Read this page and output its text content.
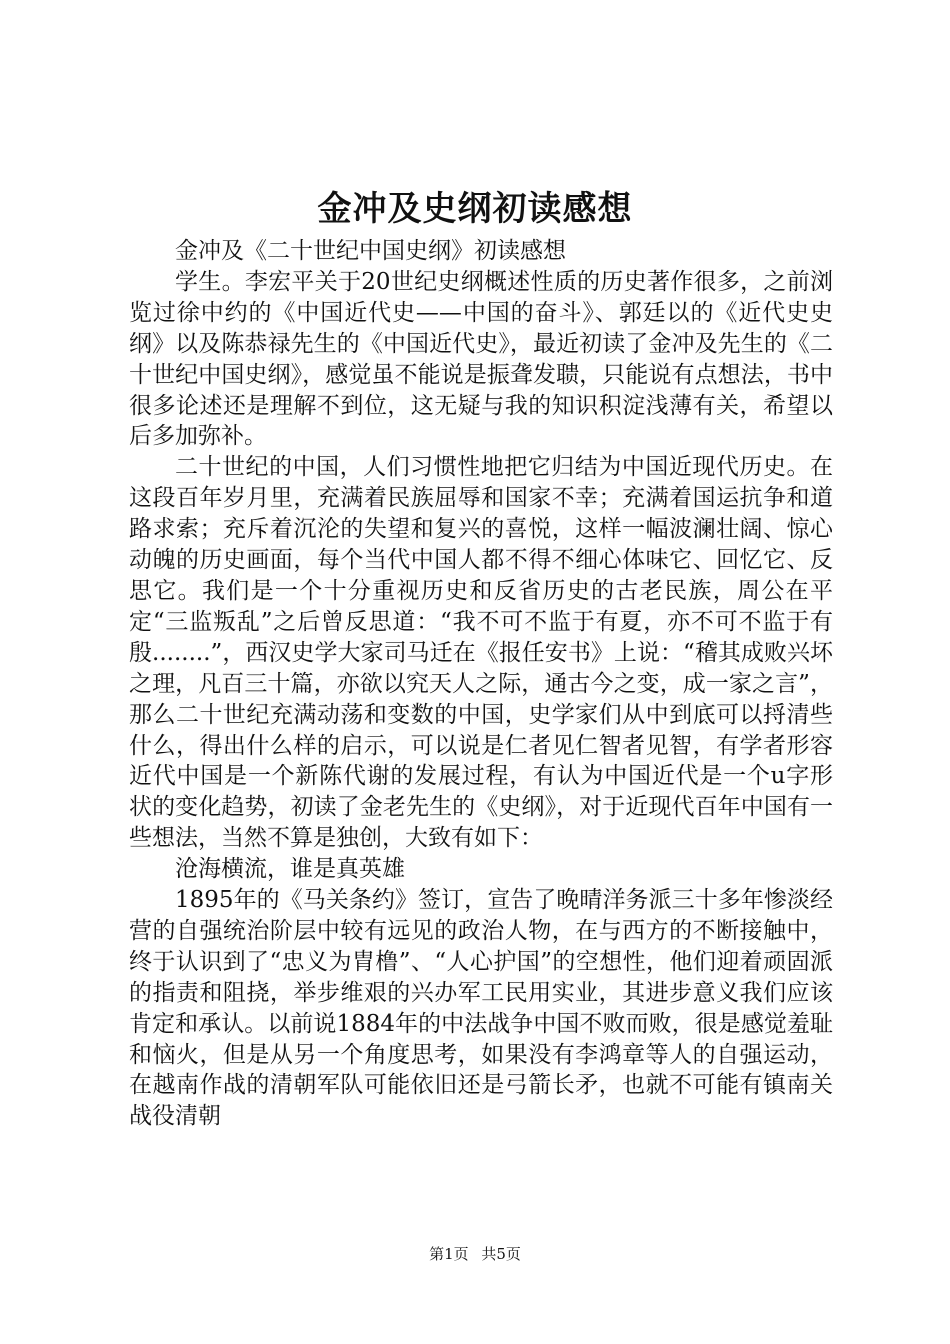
金冲及史纲初读感想

金冲及《二十世纪中国史纲》初读感想

学生。李宏平关于20世纪史纲概述性质的历史著作很多，之前浏览过徐中约的《中国近代史——中国的奋斗》、郭廷以的《近代史史纲》以及陈恭禄先生的《中国近代史》，最近初读了金冲及先生的《二十世纪中国史纲》，感觉虽不能说是振聋发聩，只能说有点想法，书中很多论述还是理解不到位，这无疑与我的知识积淀浅薄有关，希望以后多加弥补。

二十世纪的中国，人们习惯性地把它归结为中国近现代历史。在这段百年岁月里，充满着民族屈辱和国家不幸；充满着国运抗争和道路求索；充斥着沉沦的失望和复兴的喜悦，这样一幅波澜壮阔、惊心动魄的历史画面，每个当代中国人都不得不细心体味它、回忆它、反思它。我们是一个十分重视历史和反省历史的古老民族，周公在平定“三监叛乱”之后曾反思道：“我不可不监于有夏，亦不可不监于有殷........”，西汉史学大家司马迁在《报任安书》上说：“稽其成败兴坏之理，凡百三十篇，亦欲以究天人之际，通古今之变，成一家之言”，那么二十世纪充满动荡和变数的中国，史学家们从中到底可以捋清些什么，得出什么样的启示，可以说是仁者见仁智者见智，有学者形容近代中国是一个新陈代谢的发展过程，有认为中国近代是一个u字形状的变化趋势，初读了金老先生的《史纲》，对于近现代百年中国有一些想法，当然不算是独创，大致有如下：

沧海横流，谁是真英雄

1895年的《马关条约》签订，宣告了晚晴洋务派三十多年惨淡经营的自强统治阶层中较有远见的政治人物，在与西方的不断接触中，终于认识到了“忠义为胄橹”、“人心护国”的空想性，他们迎着顽固派的指责和阻挠，举步维艰的兴办军工民用实业，其进步意义我们应该肯定和承认。以前说1884年的中法战争中国不败而败，很是感觉羞耻和恼火，但是从另一个角度思考，如果没有李鸿章等人的自强运动，在越南作战的清朝军队可能依旧还是弓箭长矛，也就不可能有镇南关战役清朝

第1页 共5页
